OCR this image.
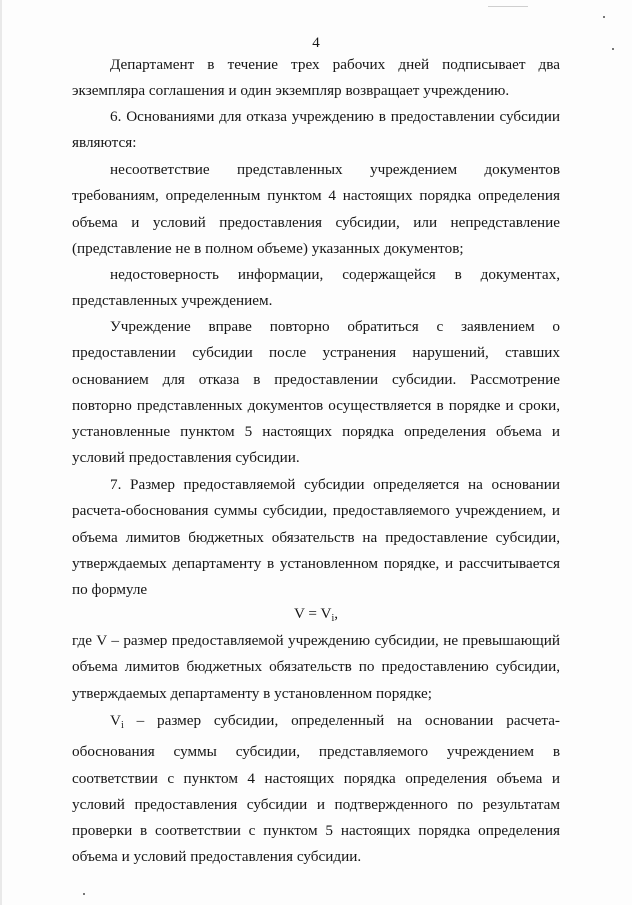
4

Департамент в течение трех рабочих дней подписывает два экземпляра соглашения и один экземпляр возвращает учреждению.

6. Основаниями для отказа учреждению в предоставлении субсидии являются:

несоответствие представленных учреждением документов требованиям, определенным пунктом 4 настоящих порядка определения объема и условий предоставления субсидии, или непредставление (представление не в полном объеме) указанных документов;

недостоверность информации, содержащейся в документах, представленных учреждением.

Учреждение вправе повторно обратиться с заявлением о предоставлении субсидии после устранения нарушений, ставших основанием для отказа в предоставлении субсидии. Рассмотрение повторно представленных документов осуществляется в порядке и сроки, установленные пунктом 5 настоящих порядка определения объема и условий предоставления субсидии.

7. Размер предоставляемой субсидии определяется на основании расчета-обоснования суммы субсидии, предоставляемого учреждением, и объема лимитов бюджетных обязательств на предоставление субсидии, утверждаемых департаменту в установленном порядке, и рассчитывается по формуле

$V = V_i$,

где V – размер предоставляемой учреждению субсидии, не превышающий объема лимитов бюджетных обязательств по предоставлению субсидии, утверждаемых департаменту в установленном порядке;

$V_i$ – размер субсидии, определенный на основании расчета-обоснования суммы субсидии, представляемого учреждением в соответствии с пунктом 4 настоящих порядка определения объема и условий предоставления субсидии и подтвержденного по результатам проверки в соответствии с пунктом 5 настоящих порядка определения объема и условий предоставления субсидии.
